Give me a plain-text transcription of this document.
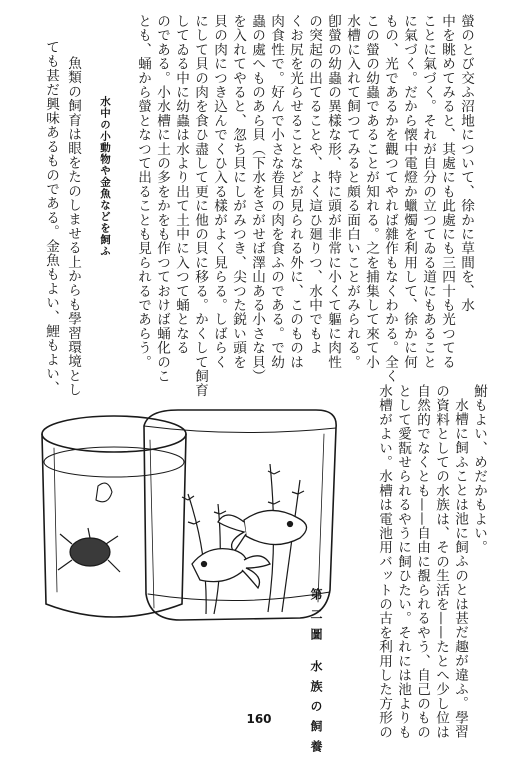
螢のとび交ふ沼地について、徐かに草間を、水
中を眺めてみると、其處にも此處にも三四十も光つてる
ことに氣づく。それが自分の立つてゐる道にもあること
に氣づく。だから懐中電燈か蠟燭を利用して、徐かに何
もの、光であるかを觀つてやれば雜作もなくわかる。全く
この螢の幼蟲であることが知れる。之を捕集して來て小
水槽に入れて飼つてみると頗る面白いことがみられる。
卽螢の幼蟲の異樣な形、特に頭が非常に小くて軀に肉性
の突起の出てることや、よく這ひ廻りつ、水中でもよ
くお尻を光らせることなどが見られる外に、このものは
肉食性で。好んで小さな卷貝の肉を食ふのである。で幼
蟲の處へものあら貝（下水をさがせば澤山ある小さな貝）
を入れてやると、忽ち貝にしがみつき、尖つた鋭い頭を
貝の肉につき込んでくひ入る樣がよく見らる。しばらく
にして貝の肉を食ひ盡して更に他の貝に移る。かくして飼育
してゐる中に幼蟲は水より出て土中に入つて蛹となる
のである。小水槽に土の多をかをも作つておけば蛹化のこ
とも、蛹から螢となつて出ることも見られるであらう。
水中の小動物や金魚などを飼ふ
魚類の飼育は眼をたのしませる上からも學習環境とし
ても甚だ興味あるものである。金魚もよい、鯉もよい、
鮒もよい、めだかもよい。
水槽に飼ふことは池に飼ふのとは甚だ趣が違ふ。學習
の資料としての水族は、その生活を——たとへ少し位は
自然的でなくとも——自由に覩られるやう、自己のもの
として愛翫せられるやうに飼ひたい。それには池よりも
水槽がよい。水槽は電池用バットの古を利用した方形の
第二圖 水族の飼養
160
